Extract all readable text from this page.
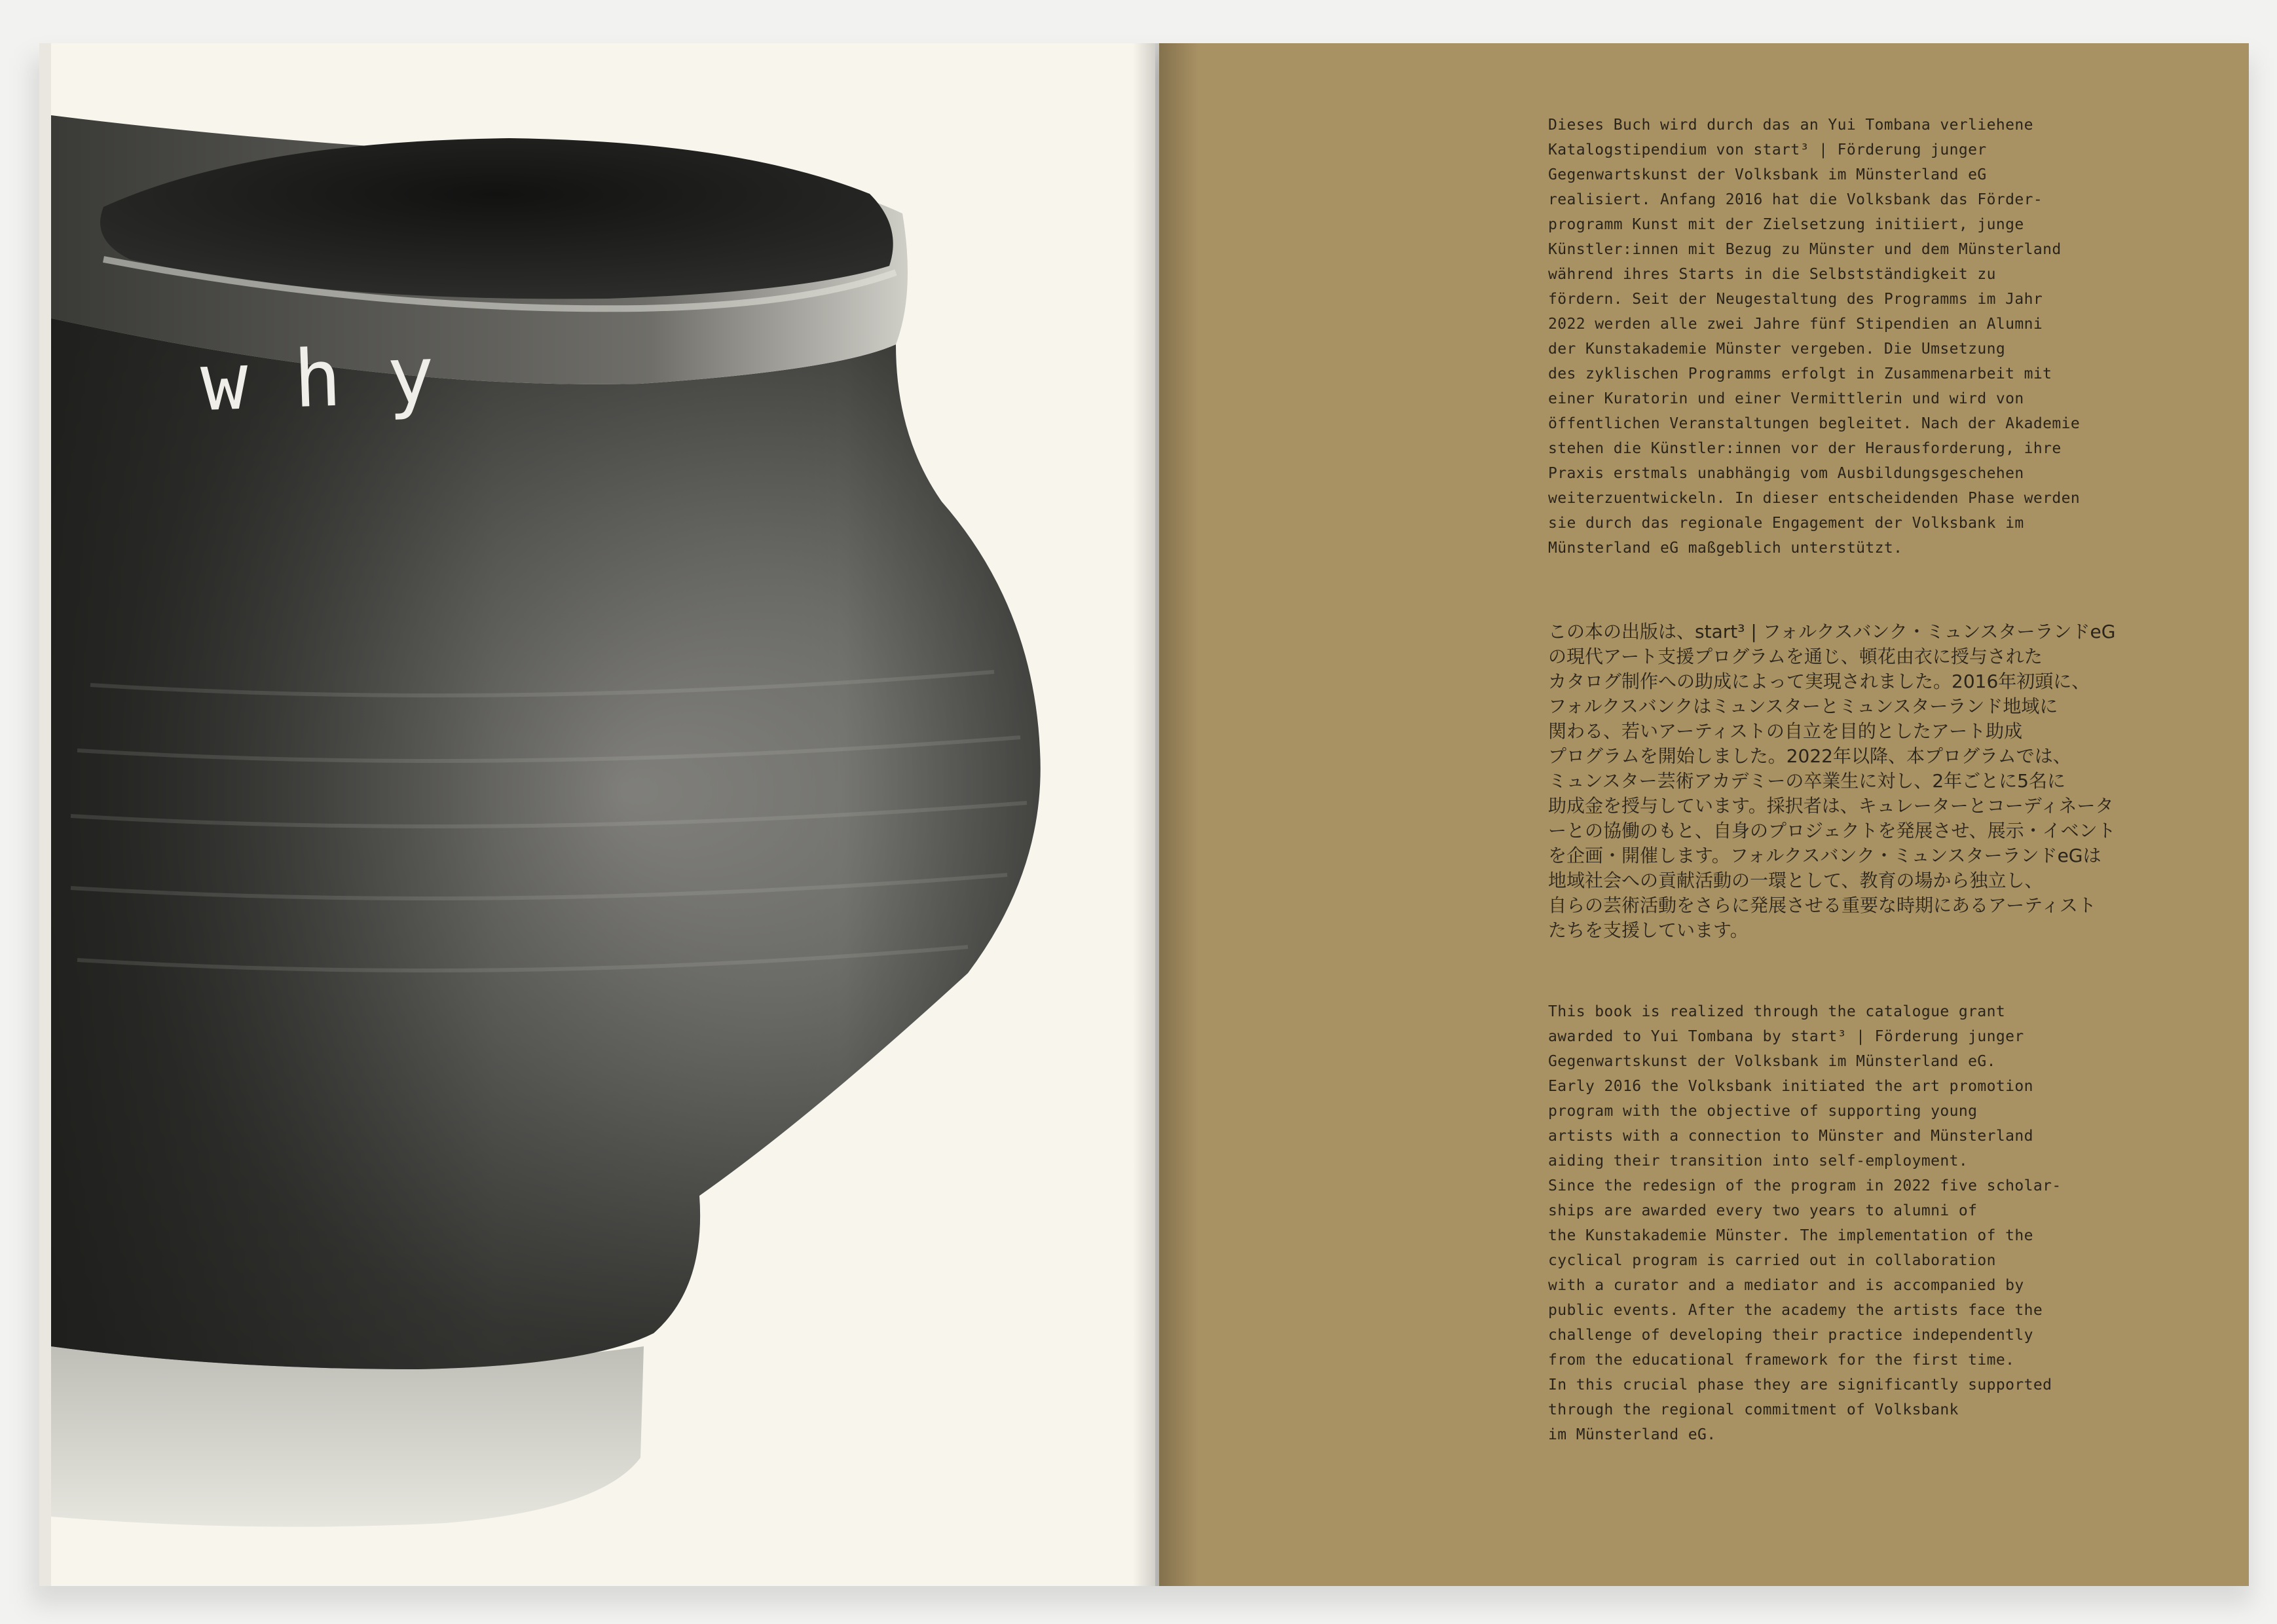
why

Dieses Buch wird durch das an Yui Tombana verliehene
Katalogstipendium von start³ | Förderung junger
Gegenwartskunst der Volksbank im Münsterland eG
realisiert. Anfang 2016 hat die Volksbank das Förder-
programm Kunst mit der Zielsetzung initiiert, junge
Künstler:innen mit Bezug zu Münster und dem Münsterland
während ihres Starts in die Selbstständigkeit zu
fördern. Seit der Neugestaltung des Programms im Jahr
2022 werden alle zwei Jahre fünf Stipendien an Alumni
der Kunstakademie Münster vergeben. Die Umsetzung
des zyklischen Programms erfolgt in Zusammenarbeit mit
einer Kuratorin und einer Vermittlerin und wird von
öffentlichen Veranstaltungen begleitet. Nach der Akademie
stehen die Künstler:innen vor der Herausforderung, ihre
Praxis erstmals unabhängig vom Ausbildungsgeschehen
weiterzuentwickeln. In dieser entscheidenden Phase werden
sie durch das regionale Engagement der Volksbank im
Münsterland eG maßgeblich unterstützt.

この本の出版は、start³ | フォルクスバンク・ミュンスターランドeG
の現代アート支援プログラムを通じ、頓花由衣に授与された
カタログ制作への助成によって実現されました。2016年初頭に、
フォルクスバンクはミュンスターとミュンスターランド地域に
関わる、若いアーティストの自立を目的としたアート助成
プログラムを開始しました。2022年以降、本プログラムでは、
ミュンスター芸術アカデミーの卒業生に対し、2年ごとに5名に
助成金を授与しています。採択者は、キュレーターとコーディネータ
ーとの協働のもと、自身のプロジェクトを発展させ、展示・イベント
を企画・開催します。フォルクスバンク・ミュンスターランドeGは
地域社会への貢献活動の一環として、教育の場から独立し、
自らの芸術活動をさらに発展させる重要な時期にあるアーティスト
たちを支援しています。

This book is realized through the catalogue grant
awarded to Yui Tombana by start³ | Förderung junger
Gegenwartskunst der Volksbank im Münsterland eG.
Early 2016 the Volksbank initiated the art promotion
program with the objective of supporting young
artists with a connection to Münster and Münsterland
aiding their transition into self-employment.
Since the redesign of the program in 2022 five scholar-
ships are awarded every two years to alumni of
the Kunstakademie Münster. The implementation of the
cyclical program is carried out in collaboration
with a curator and a mediator and is accompanied by
public events. After the academy the artists face the
challenge of developing their practice independently
from the educational framework for the first time.
In this crucial phase they are significantly supported
through the regional commitment of Volksbank
im Münsterland eG.
